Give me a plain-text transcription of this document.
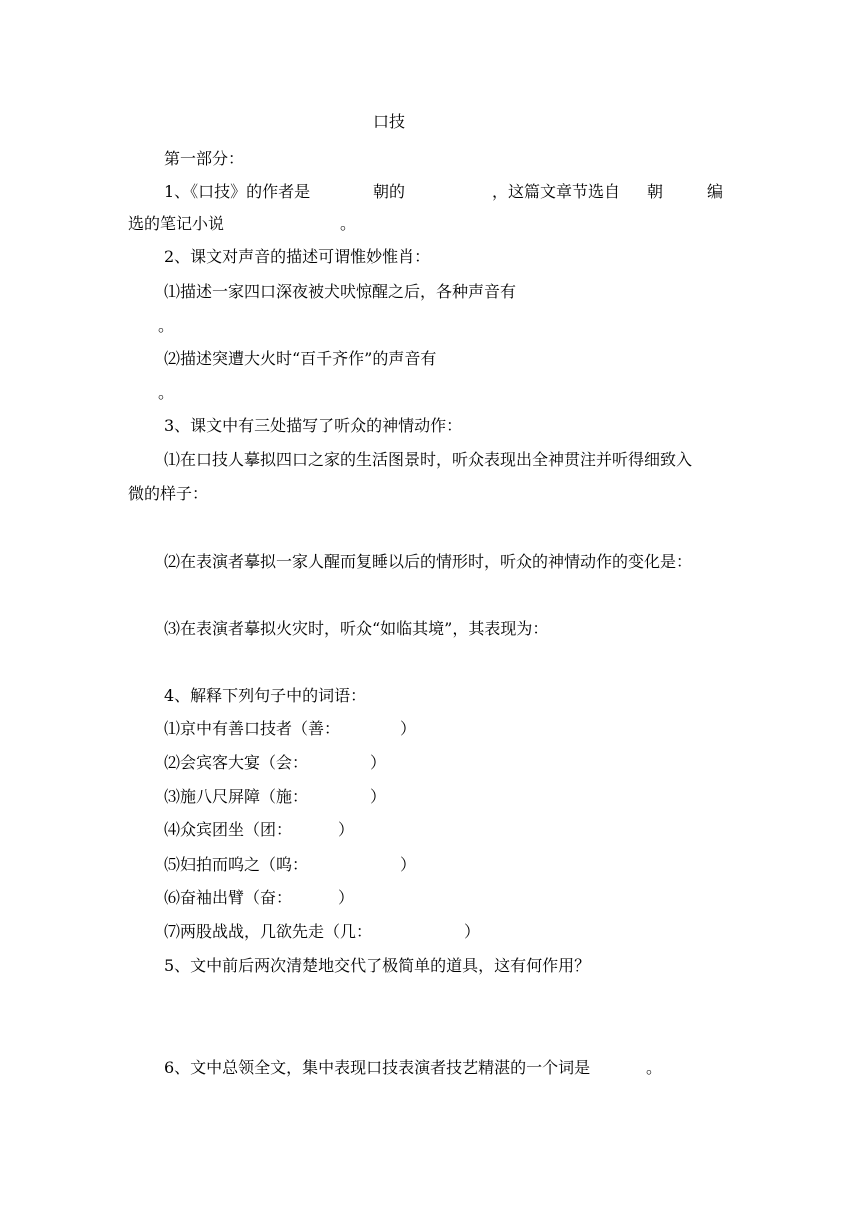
口技
第一部分：
1、《口技》的作者是	朝的	，这篇文章节选自 朝	编
选的笔记小说	。
2、课文对声音的描述可谓惟妙惟肖：
⑴描述一家四口深夜被犬吠惊醒之后，各种声音有
。
⑵描述突遭大火时“百千齐作”的声音有
。
3、课文中有三处描写了听众的神情动作：
⑴在口技人摹拟四口之家的生活图景时，听众表现出全神贯注并听得细致入
微的样子：
⑵在表演者摹拟一家人醒而复睡以后的情形时，听众的神情动作的变化是：
⑶在表演者摹拟火灾时，听众“如临其境”，其表现为：
4、解释下列句子中的词语：
⑴京中有善口技者（善：	）
⑵会宾客大宴（会：	）
⑶施八尺屏障（施：	）
⑷众宾团坐（团：	）
⑸妇拍而呜之（呜：	）
⑹奋袖出臂（奋：	）
⑺两股战战，几欲先走（几：	）
5、文中前后两次清楚地交代了极简单的道具，这有何作用？
6、文中总领全文，集中表现口技表演者技艺精湛的一个词是	。
